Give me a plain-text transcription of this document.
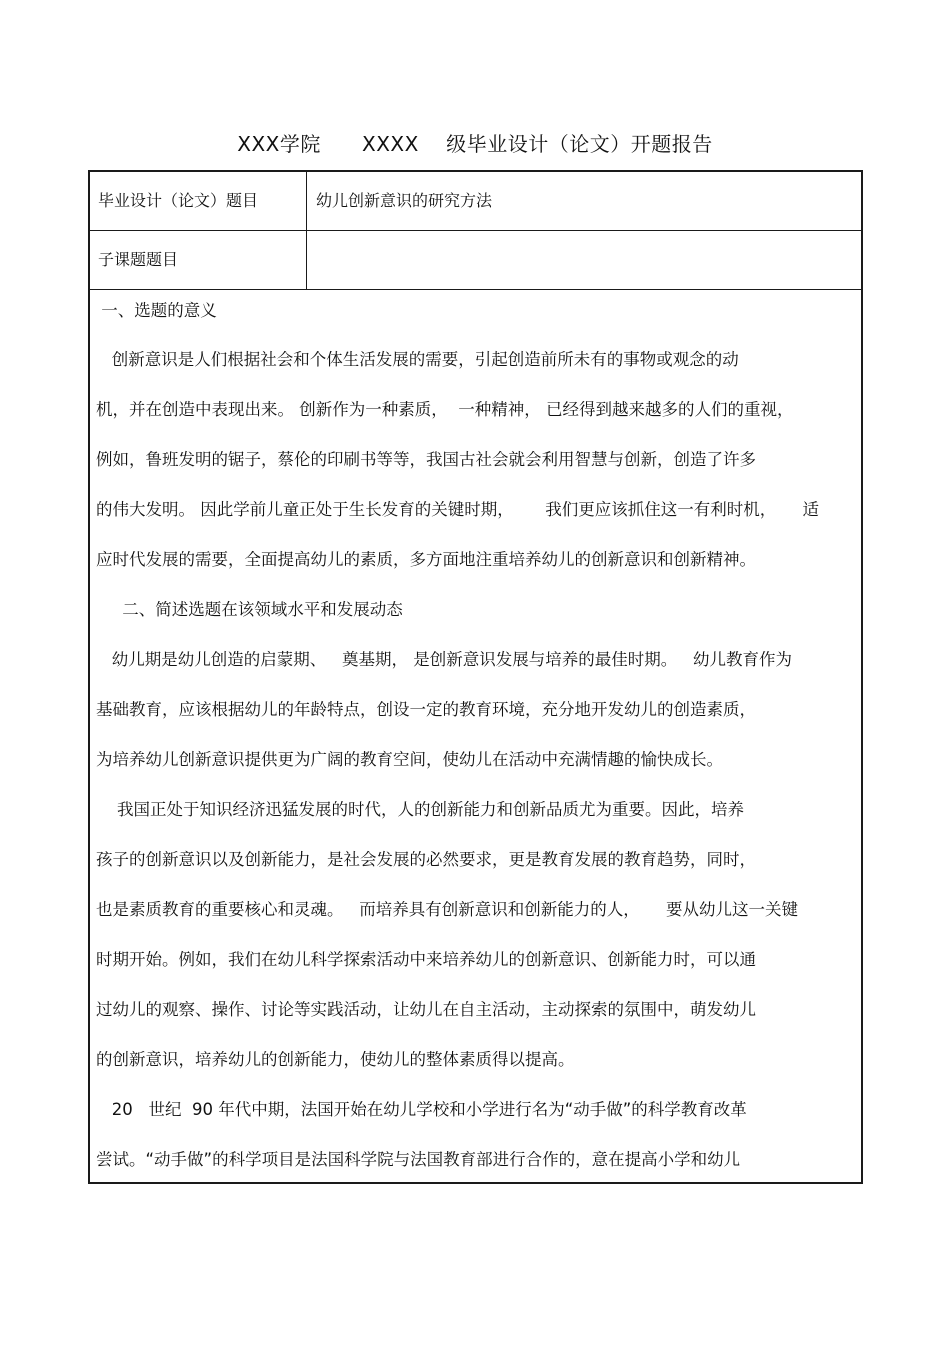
XXX学院      XXXX    级毕业设计（论文）开题报告
毕业设计（论文）题目	幼儿创新意识的研究方法
子课题题目
一、选题的意义
创新意识是人们根据社会和个体生活发展的需要，引起创造前所未有的事物或观念的动
机，并在创造中表现出来。 创新作为一种素质，  一种精神， 已经得到越来越多的人们的重视，
例如，鲁班发明的锯子，蔡伦的印刷书等等，我国古社会就会利用智慧与创新，创造了许多
的伟大发明。 因此学前儿童正处于生长发育的关键时期，      我们更应该抓住这一有利时机，     适
应时代发展的需要，全面提高幼儿的素质，多方面地注重培养幼儿的创新意识和创新精神。
二、简述选题在该领域水平和发展动态
幼儿期是幼儿创造的启蒙期、   奠基期， 是创新意识发展与培养的最佳时期。   幼儿教育作为
基础教育，应该根据幼儿的年龄特点，创设一定的教育环境，充分地开发幼儿的创造素质，
为培养幼儿创新意识提供更为广阔的教育空间，使幼儿在活动中充满情趣的愉快成长。
我国正处于知识经济迅猛发展的时代，人的创新能力和创新品质尤为重要。因此，培养
孩子的创新意识以及创新能力，是社会发展的必然要求，更是教育发展的教育趋势，同时，
也是素质教育的重要核心和灵魂。   而培养具有创新意识和创新能力的人，     要从幼儿这一关键
时期开始。例如，我们在幼儿科学探索活动中来培养幼儿的创新意识、创新能力时，可以通
过幼儿的观察、操作、讨论等实践活动，让幼儿在自主活动，主动探索的氛围中，萌发幼儿
的创新意识，培养幼儿的创新能力，使幼儿的整体素质得以提高。
20   世纪  90 年代中期，法国开始在幼儿学校和小学进行名为“动手做”的科学教育改革
尝试。“动手做”的科学项目是法国科学院与法国教育部进行合作的，意在提高小学和幼儿
